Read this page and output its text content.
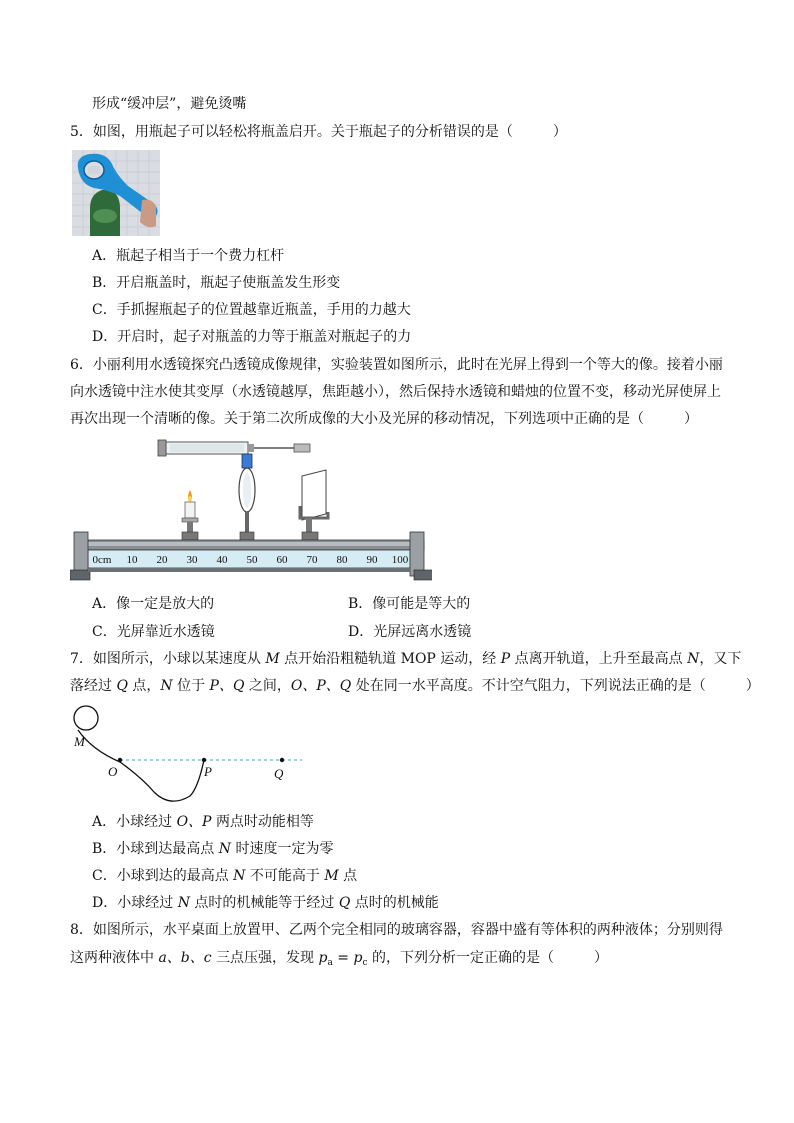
形成“缓冲层”，避免烫嘴
5．如图，用瓶起子可以轻松将瓶盖启开。关于瓶起子的分析错误的是（	）
A．瓶起子相当于一个费力杠杆
B．开启瓶盖时，瓶起子使瓶盖发生形变
C．手抓握瓶起子的位置越靠近瓶盖，手用的力越大
D．开启时，起子对瓶盖的力等于瓶盖对瓶起子的力
6．小丽利用水透镜探究凸透镜成像规律，实验装置如图所示，此时在光屏上得到一个等大的像。接着小丽
向水透镜中注水使其变厚（水透镜越厚，焦距越小），然后保持水透镜和蜡烛的位置不变，移动光屏使屏上
再次出现一个清晰的像。关于第二次所成像的大小及光屏的移动情况，下列选项中正确的是（	）
0cm 10 20 30 40 50 60 70 80 90 100
A．像一定是放大的	B．像可能是等大的
C．光屏靠近水透镜	D．光屏远离水透镜
7．如图所示，小球以某速度从 M 点开始沿粗糙轨道 MOP 运动，经 P 点离开轨道，上升至最高点 N，又下
落经过 Q 点，N 位于 P、Q 之间，O、P、Q 处在同一水平高度。不计空气阻力，下列说法正确的是（	）
M
O	P	Q
A．小球经过 O、P 两点时动能相等
B．小球到达最高点 N 时速度一定为零
C．小球到达的最高点 N 不可能高于 M 点
D．小球经过 N 点时的机械能等于经过 Q 点时的机械能
8．如图所示，水平桌面上放置甲、乙两个完全相同的玻璃容器，容器中盛有等体积的两种液体；分别则得
这两种液体中 a、b、c 三点压强，发现 $p_a = p_c$ 的，下列分析一定正确的是（	）
